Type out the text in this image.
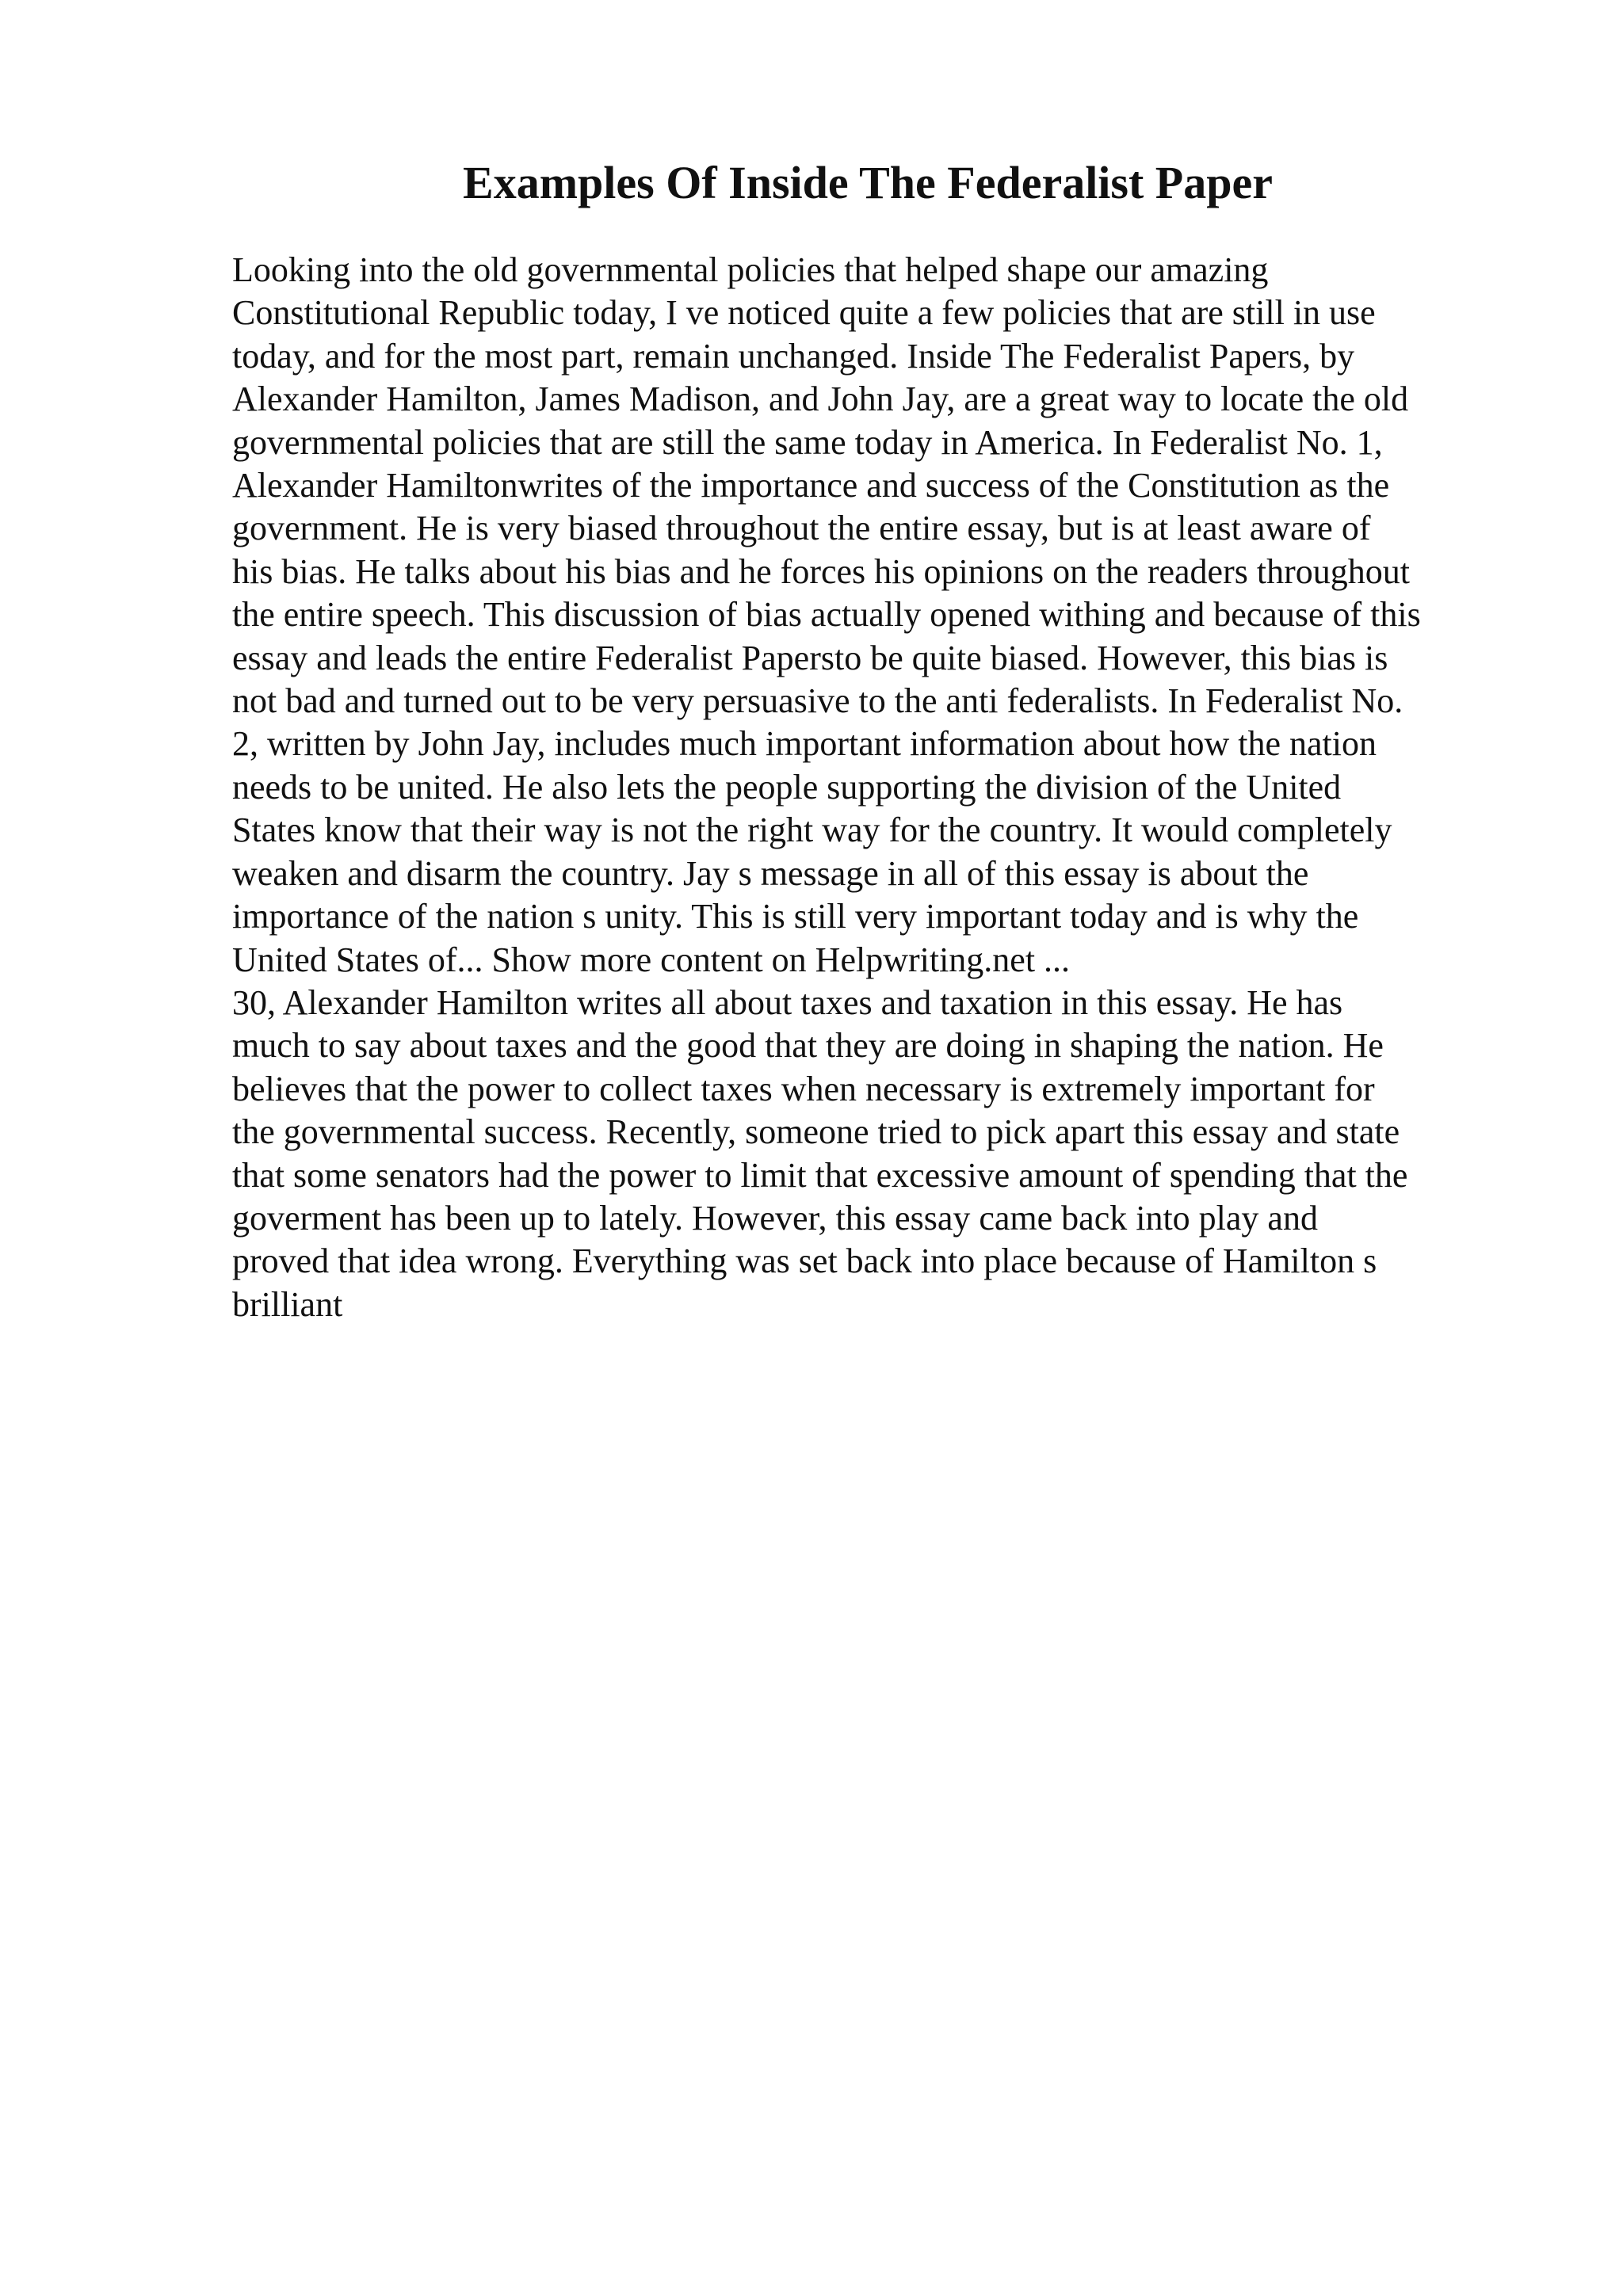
Examples Of Inside The Federalist Paper
Looking into the old governmental policies that helped shape our amazing
Constitutional Republic today, I ve noticed quite a few policies that are still in use
today, and for the most part, remain unchanged. Inside The Federalist Papers, by
Alexander Hamilton, James Madison, and John Jay, are a great way to locate the old
governmental policies that are still the same today in America. In Federalist No. 1,
Alexander Hamiltonwrites of the importance and success of the Constitution as the
government. He is very biased throughout the entire essay, but is at least aware of
his bias. He talks about his bias and he forces his opinions on the readers throughout
the entire speech. This discussion of bias actually opened withing and because of this
essay and leads the entire Federalist Papersto be quite biased. However, this bias is
not bad and turned out to be very persuasive to the anti federalists. In Federalist No.
2, written by John Jay, includes much important information about how the nation
needs to be united. He also lets the people supporting the division of the United
States know that their way is not the right way for the country. It would completely
weaken and disarm the country. Jay s message in all of this essay is about the
importance of the nation s unity. This is still very important today and is why the
United States of... Show more content on Helpwriting.net ...
30, Alexander Hamilton writes all about taxes and taxation in this essay. He has
much to say about taxes and the good that they are doing in shaping the nation. He
believes that the power to collect taxes when necessary is extremely important for
the governmental success. Recently, someone tried to pick apart this essay and state
that some senators had the power to limit that excessive amount of spending that the
goverment has been up to lately. However, this essay came back into play and
proved that idea wrong. Everything was set back into place because of Hamilton s
brilliant
